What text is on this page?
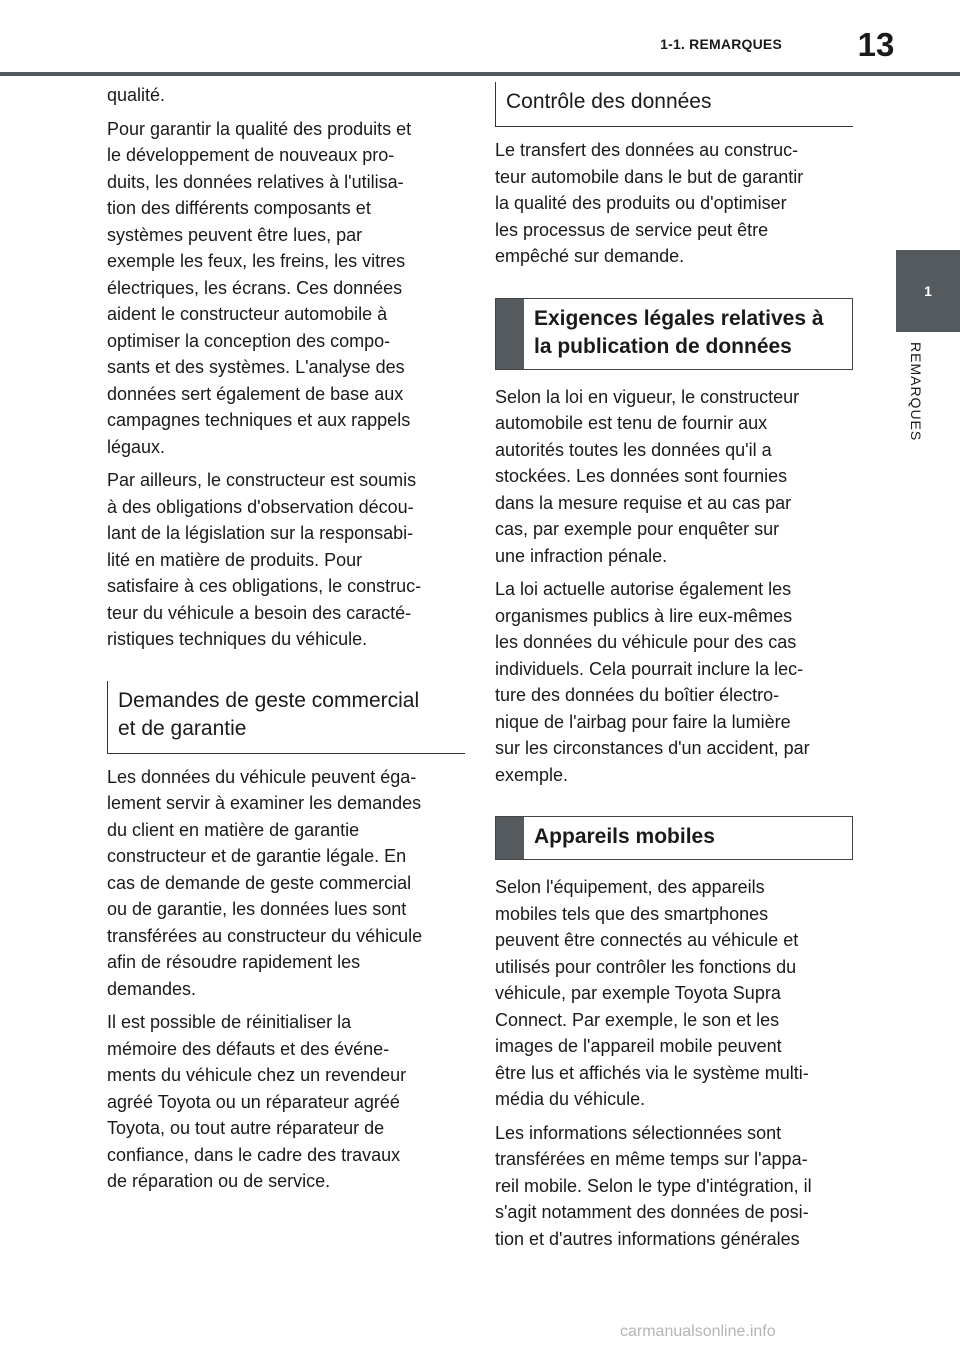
1-1. REMARQUES	13
1
REMARQUES
qualité.
Pour garantir la qualité des produits et
le développement de nouveaux pro-
duits, les données relatives à l'utilisa-
tion des différents composants et
systèmes peuvent être lues, par
exemple les feux, les freins, les vitres
électriques, les écrans. Ces données
aident le constructeur automobile à
optimiser la conception des compo-
sants et des systèmes. L'analyse des
données sert également de base aux
campagnes techniques et aux rappels
légaux.
Par ailleurs, le constructeur est soumis
à des obligations d'observation décou-
lant de la législation sur la responsabi-
lité en matière de produits. Pour
satisfaire à ces obligations, le construc-
teur du véhicule a besoin des caracté-
ristiques techniques du véhicule.
Demandes de geste commercial
et de garantie
Les données du véhicule peuvent éga-
lement servir à examiner les demandes
du client en matière de garantie
constructeur et de garantie légale. En
cas de demande de geste commercial
ou de garantie, les données lues sont
transférées au constructeur du véhicule
afin de résoudre rapidement les
demandes.
Il est possible de réinitialiser la
mémoire des défauts et des événe-
ments du véhicule chez un revendeur
agréé Toyota ou un réparateur agréé
Toyota, ou tout autre réparateur de
confiance, dans le cadre des travaux
de réparation ou de service.
Contrôle des données
Le transfert des données au construc-
teur automobile dans le but de garantir
la qualité des produits ou d'optimiser
les processus de service peut être
empêché sur demande.
Exigences légales relatives à
la publication de données
Selon la loi en vigueur, le constructeur
automobile est tenu de fournir aux
autorités toutes les données qu'il a
stockées. Les données sont fournies
dans la mesure requise et au cas par
cas, par exemple pour enquêter sur
une infraction pénale.
La loi actuelle autorise également les
organismes publics à lire eux-mêmes
les données du véhicule pour des cas
individuels. Cela pourrait inclure la lec-
ture des données du boîtier électro-
nique de l'airbag pour faire la lumière
sur les circonstances d'un accident, par
exemple.
Appareils mobiles
Selon l'équipement, des appareils
mobiles tels que des smartphones
peuvent être connectés au véhicule et
utilisés pour contrôler les fonctions du
véhicule, par exemple Toyota Supra
Connect. Par exemple, le son et les
images de l'appareil mobile peuvent
être lus et affichés via le système multi-
média du véhicule.
Les informations sélectionnées sont
transférées en même temps sur l'appa-
reil mobile. Selon le type d'intégration, il
s'agit notamment des données de posi-
tion et d'autres informations générales
carmanualsonline.info
